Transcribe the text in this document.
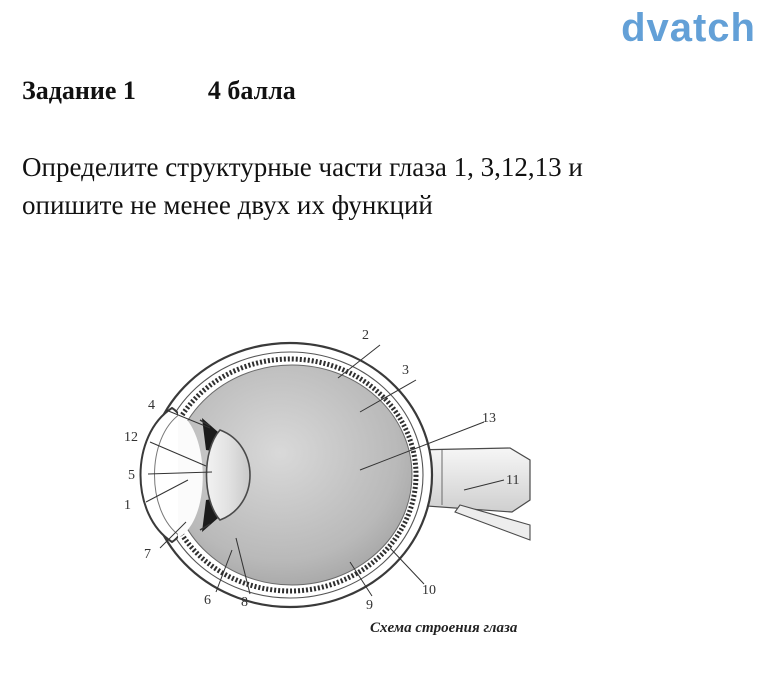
dvatch
Задание 1	4 балла
Определите структурные части глаза 1, 3,12,13 и
опишите не менее двух их функций
1
2
3
4
5
6
7
8	9
10
11
12
13
Схема строения глаза
